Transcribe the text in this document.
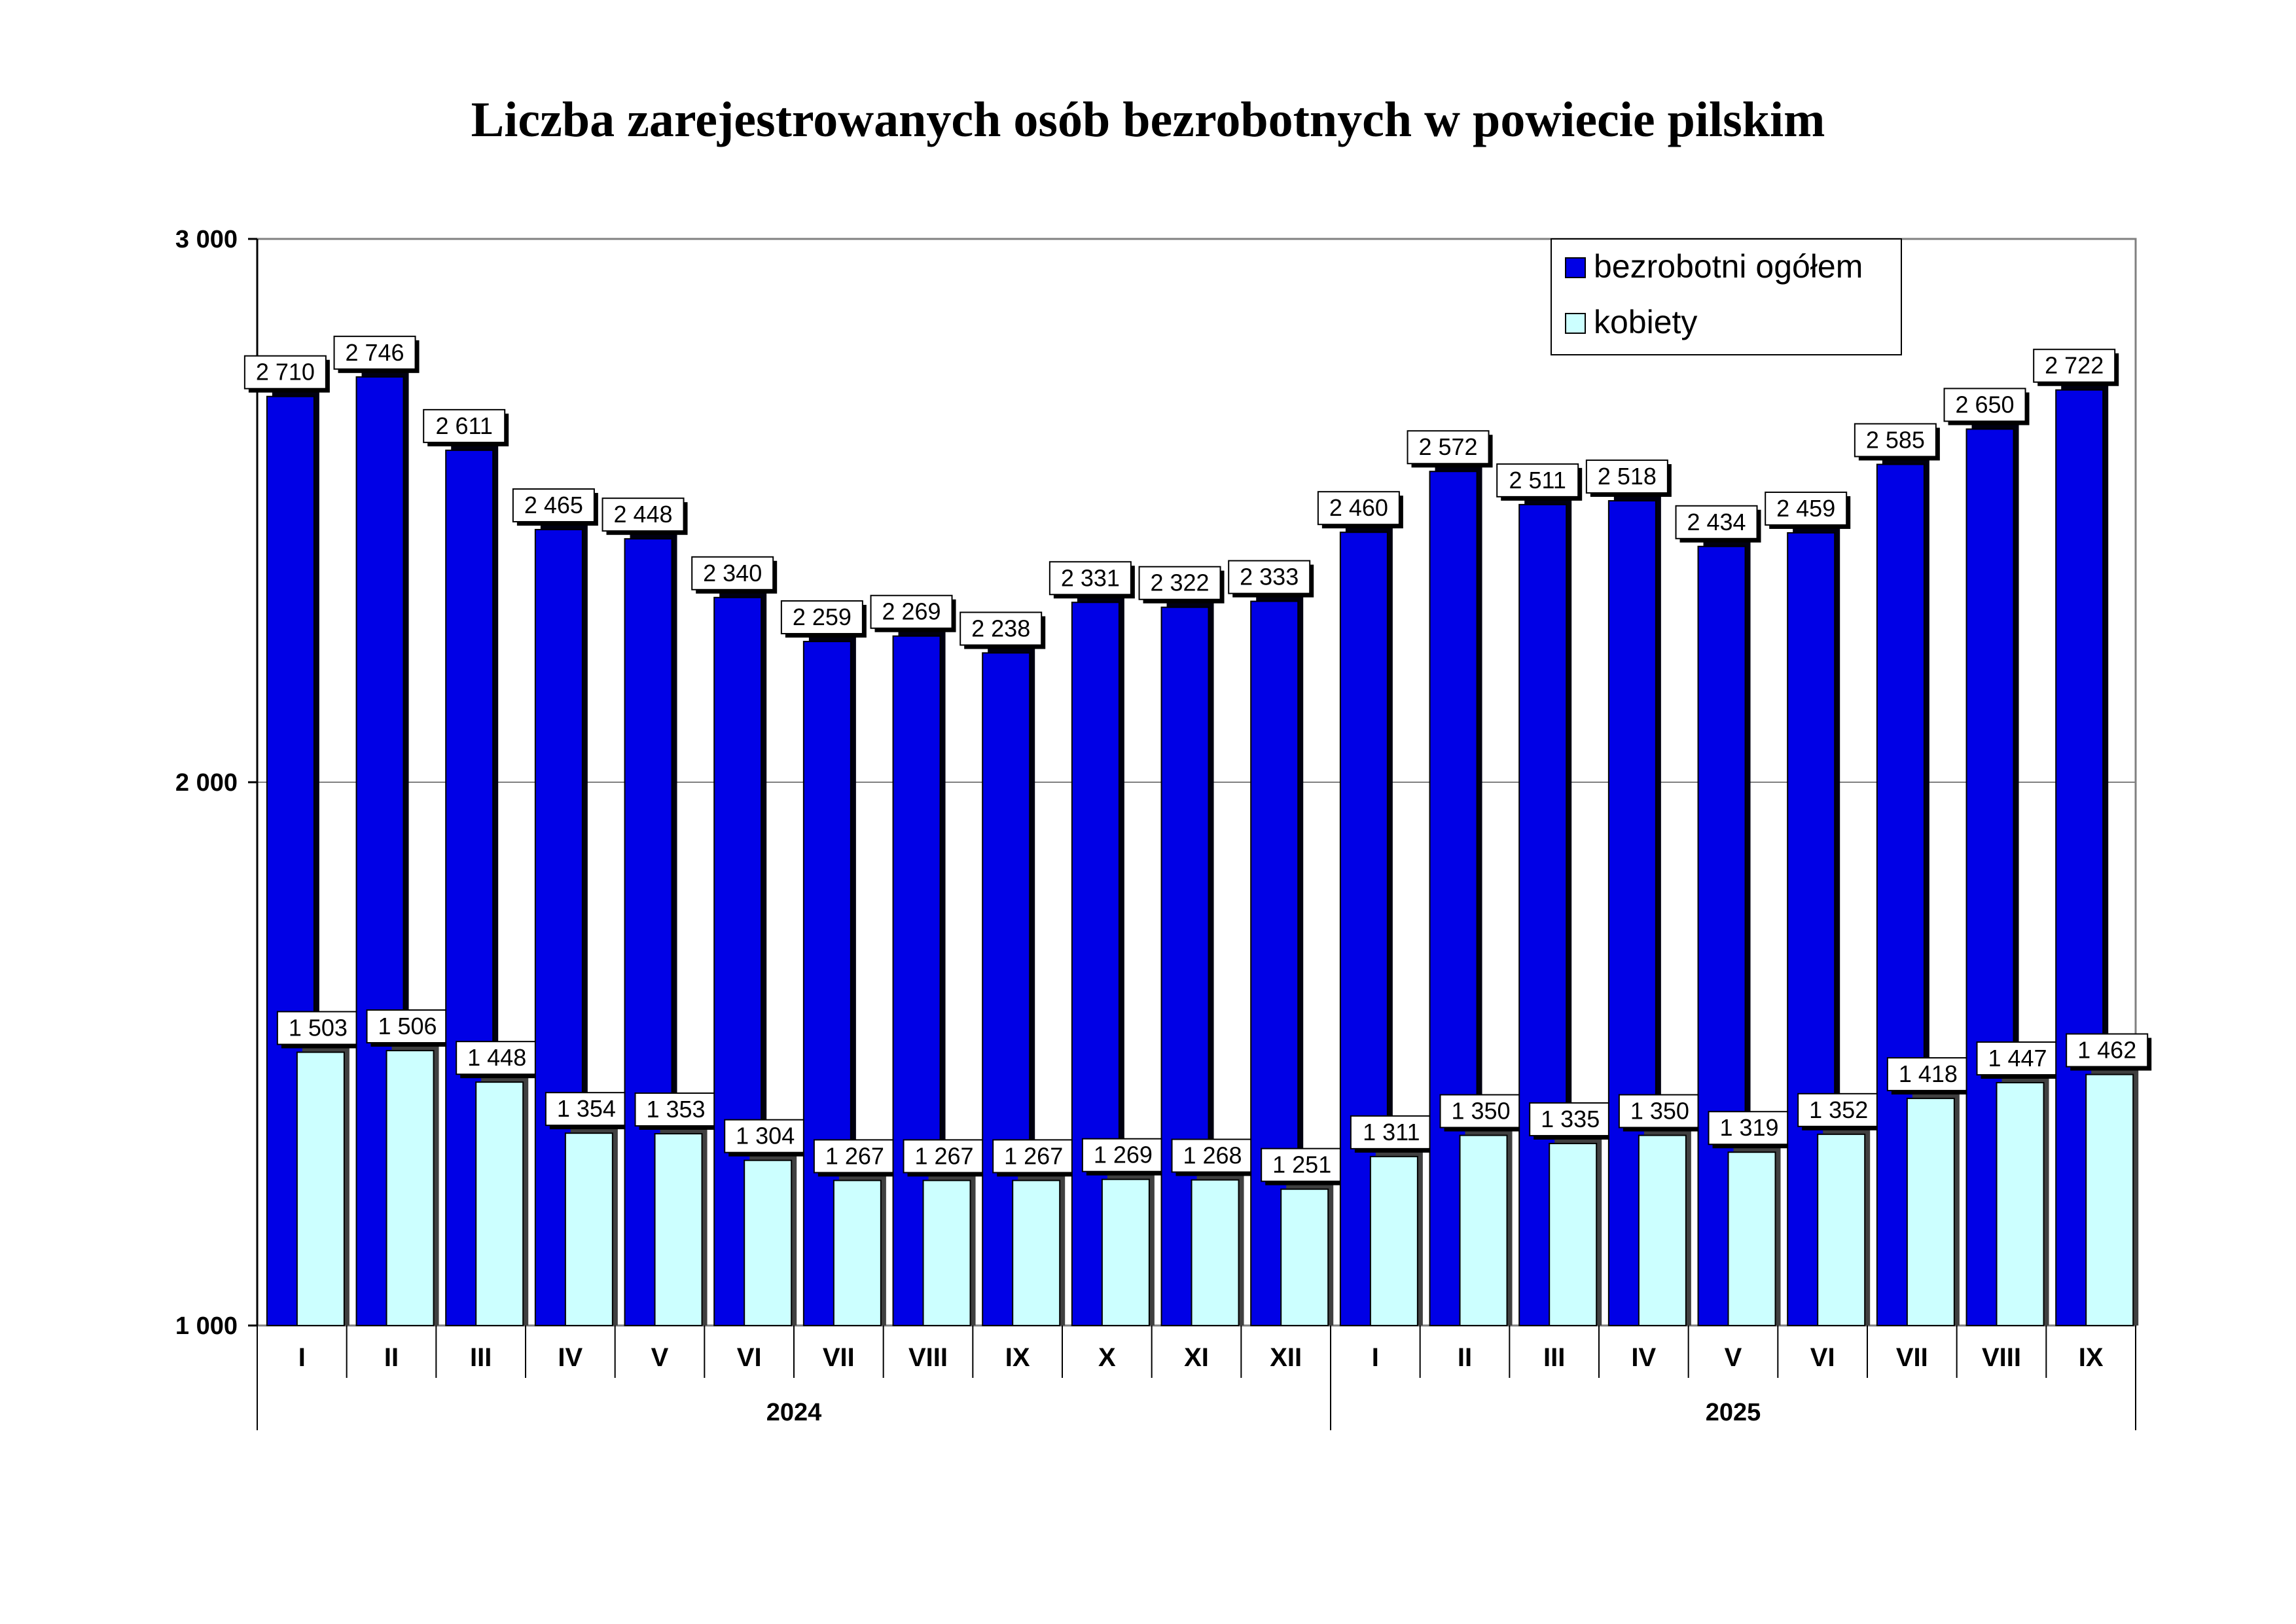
Liczba zarejestrowanych osób bezrobotnych w powiecie pilskim
1 000
2 000
3 000
2 710
1 503
I
2 746
1 506
II
2 611
1 448
III
2 465
1 354
IV
2 448
1 353
V
2 340
1 304
VI
2 259
1 267
VII
2 269
1 267
VIII
2 238
1 267
IX
2 331
1 269
X
2 322
1 268
XI
2 333
1 251
XII
2 460
1 311
I
2 572
1 350
II
2 511
1 335
III
2 518
1 350
IV
2 434
1 319
V
2 459
1 352
VI
2 585
1 418
VII
2 650
1 447
VIII
2 722
1 462
IX
2024	2025
bezrobotni ogółem
kobiety
